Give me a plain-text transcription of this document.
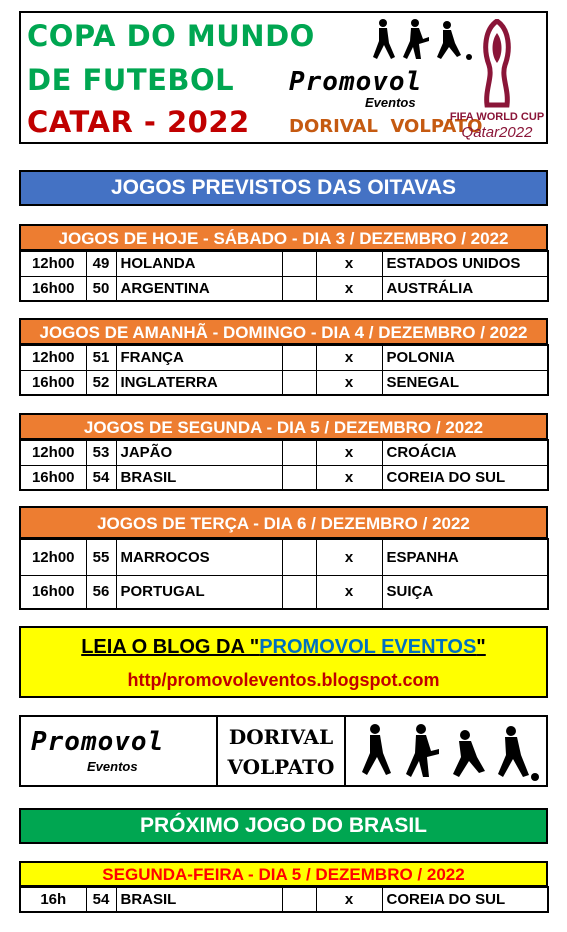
COPA DO MUNDO
DE FUTEBOL
CATAR - 2022
Promovol
Eventos
DORIVAL  VOLPATO
FIFA WORLD CUP
Qatar2022
JOGOS PREVISTOS DAS OITAVAS
JOGOS DE HOJE - SÁBADO - DIA 3 / DEZEMBRO / 2022
12h00	49	HOLANDA		x	ESTADOS UNIDOS
16h00	50	ARGENTINA		x	AUSTRÁLIA
JOGOS DE AMANHÃ - DOMINGO - DIA 4 / DEZEMBRO / 2022
12h00	51	FRANÇA		x	POLONIA
16h00	52	INGLATERRA		x	SENEGAL
JOGOS DE SEGUNDA - DIA 5 / DEZEMBRO / 2022
12h00	53	JAPÃO		x	CROÁCIA
16h00	54	BRASIL		x	COREIA DO SUL
JOGOS DE TERÇA - DIA 6 / DEZEMBRO / 2022
12h00	55	MARROCOS		x	ESPANHA
16h00	56	PORTUGAL		x	SUIÇA
LEIA O BLOG DA "PROMOVOL EVENTOS"
http/promovoleventos.blogspot.com
Promovol
Eventos
DORIVAL
VOLPATO
PRÓXIMO JOGO DO BRASIL
SEGUNDA-FEIRA - DIA 5 / DEZEMBRO / 2022
16h	54	BRASIL		x	COREIA DO SUL
